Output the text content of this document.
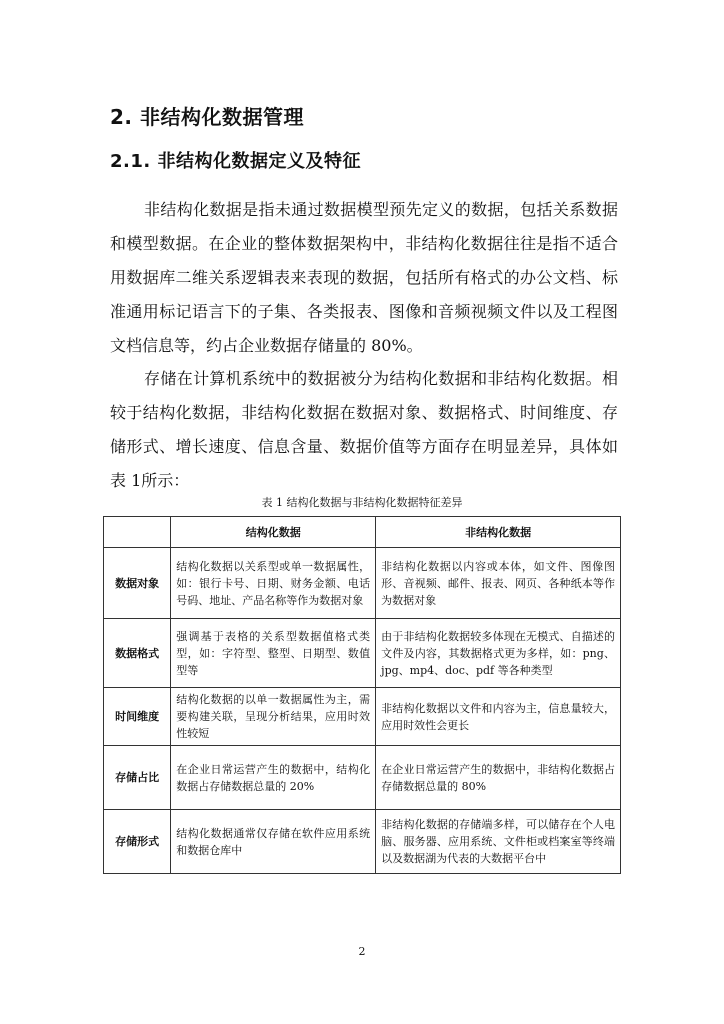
2. 非结构化数据管理
2.1. 非结构化数据定义及特征

非结构化数据是指未通过数据模型预先定义的数据，包括关系数据和模型数据。在企业的整体数据架构中，非结构化数据往往是指不适合用数据库二维关系逻辑表来表现的数据，包括所有格式的办公文档、标准通用标记语言下的子集、各类报表、图像和音频视频文件以及工程图文档信息等，约占企业数据存储量的 80%。

存储在计算机系统中的数据被分为结构化数据和非结构化数据。相较于结构化数据，非结构化数据在数据对象、数据格式、时间维度、存储形式、增长速度、信息含量、数据价值等方面存在明显差异，具体如表 1所示：

表 1 结构化数据与非结构化数据特征差异
	结构化数据	非结构化数据
数据对象	结构化数据以关系型或单一数据属性，如：银行卡号、日期、财务金额、电话号码、地址、产品名称等作为数据对象	非结构化数据以内容或本体，如文件、图像图形、音视频、邮件、报表、网页、各种纸本等作为数据对象
数据格式	强调基于表格的关系型数据值格式类型，如：字符型、整型、日期型、数值型等	由于非结构化数据较多体现在无模式、自描述的文件及内容，其数据格式更为多样，如：png、jpg、mp4、doc、pdf 等各种类型
时间维度	结构化数据的以单一数据属性为主，需要构建关联，呈现分析结果，应用时效性较短	非结构化数据以文件和内容为主，信息量较大，应用时效性会更长
存储占比	在企业日常运营产生的数据中，结构化数据占存储数据总量的 20%	在企业日常运营产生的数据中，非结构化数据占存储数据总量的 80%
存储形式	结构化数据通常仅存储在软件应用系统和数据仓库中	非结构化数据的存储端多样，可以储存在个人电脑、服务器、应用系统、文件柜或档案室等终端以及数据湖为代表的大数据平台中
2
